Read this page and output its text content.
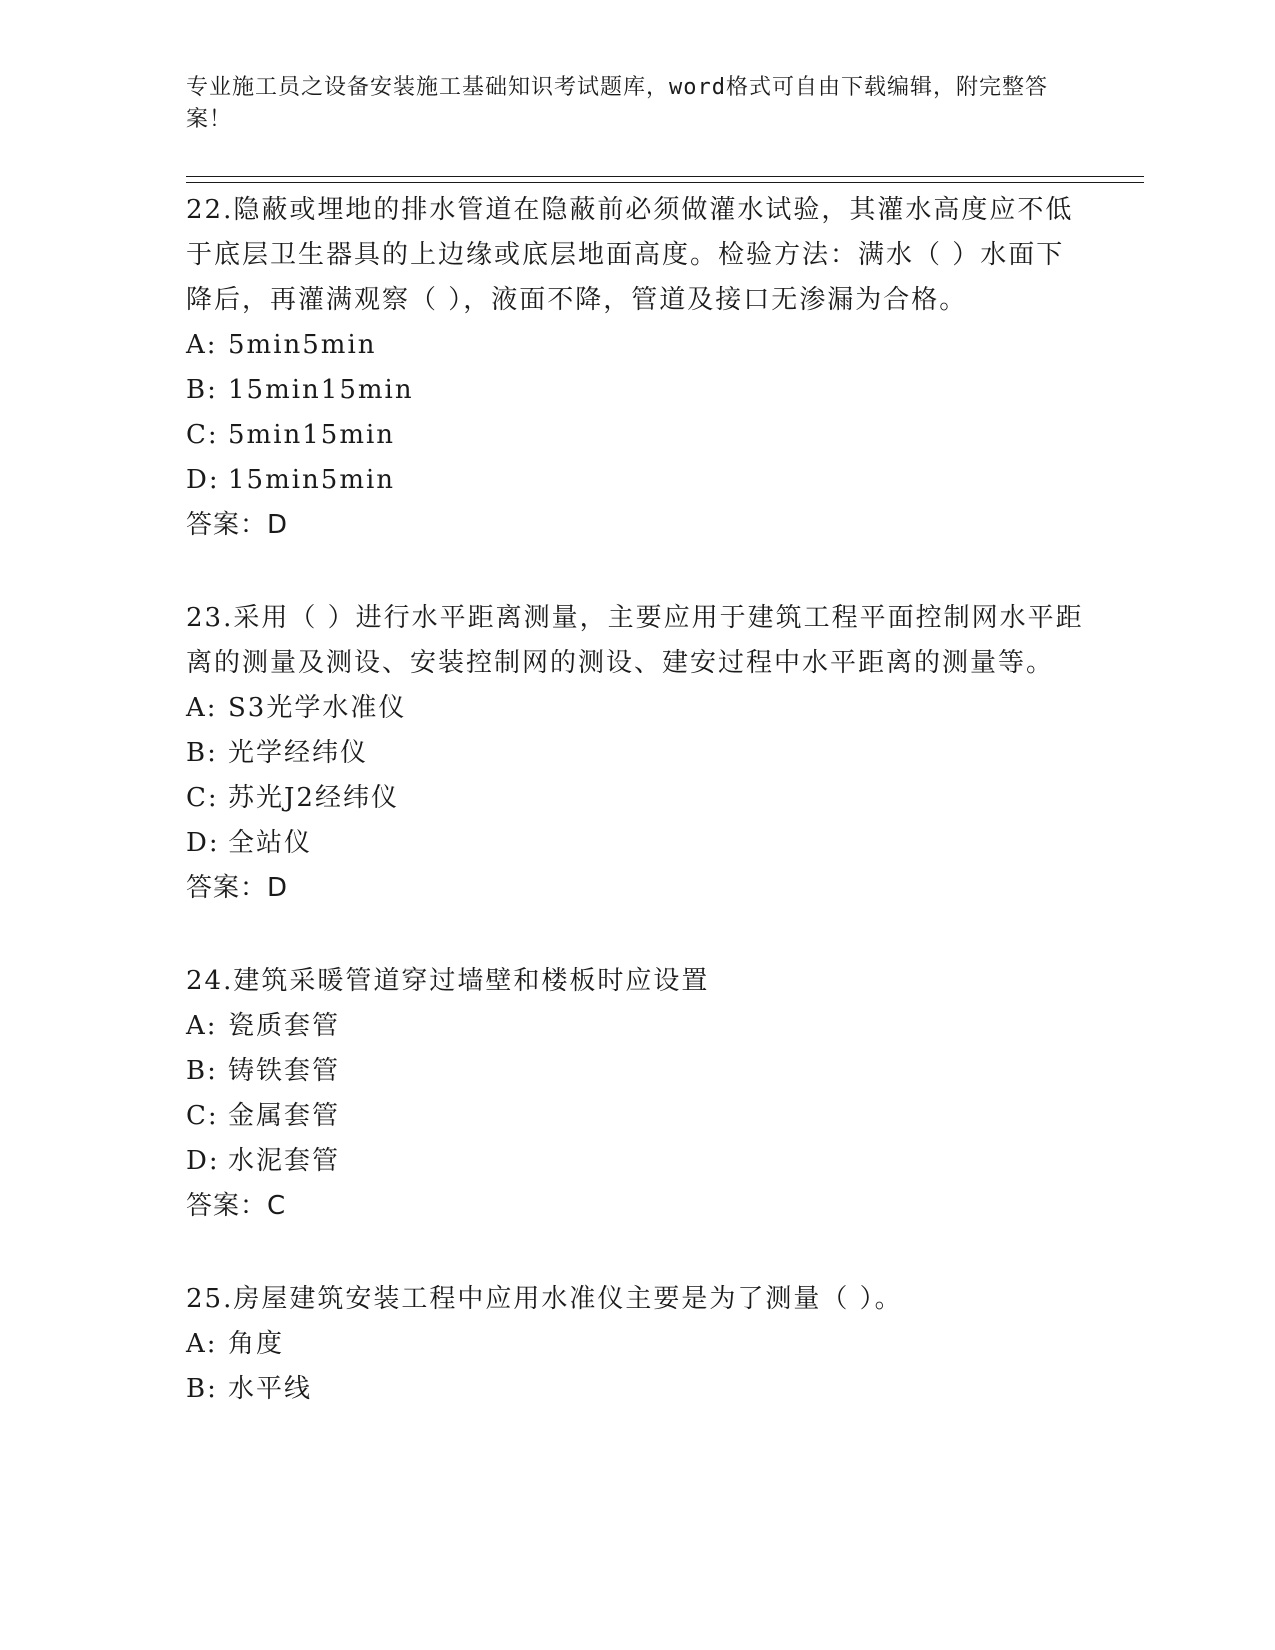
专业施工员之设备安装施工基础知识考试题库，word格式可自由下载编辑，附完整答案！

22.隐蔽或埋地的排水管道在隐蔽前必须做灌水试验，其灌水高度应不低于底层卫生器具的上边缘或底层地面高度。检验方法：满水（ ）水面下降后，再灌满观察（ ），液面不降，管道及接口无渗漏为合格。

A: 5min5min

B: 15min15min

C: 5min15min

D: 15min5min

答案：D

23.采用（ ）进行水平距离测量，主要应用于建筑工程平面控制网水平距离的测量及测设、安装控制网的测设、建安过程中水平距离的测量等。

A: S3光学水准仪

B: 光学经纬仪

C: 苏光J2经纬仪

D: 全站仪

答案：D

24.建筑采暖管道穿过墙壁和楼板时应设置

A: 瓷质套管

B: 铸铁套管

C: 金属套管

D: 水泥套管

答案：C

25.房屋建筑安装工程中应用水准仪主要是为了测量（ ）。

A: 角度

B: 水平线
